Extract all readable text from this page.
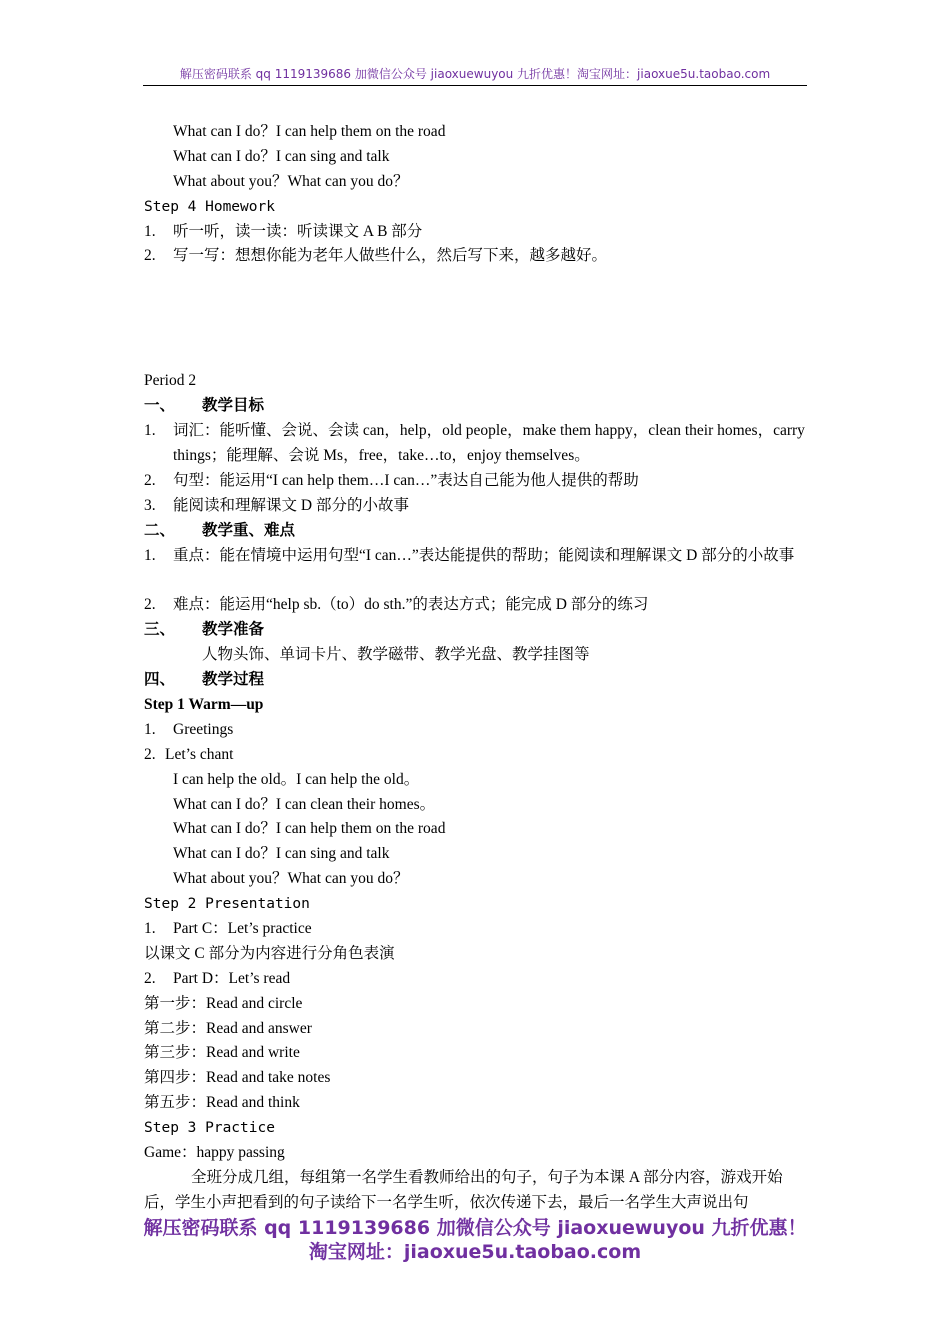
解压密码联系 qq 1119139686 加微信公众号 jiaoxuewuyou 九折优惠！淘宝网址：jiaoxue5u.taobao.com
What can I do？I can help them on the road
What can I do？I can sing and talk
What about you？What can you do？
Step 4 Homework
1. 听一听，读一读：听读课文 A B 部分
2. 写一写：想想你能为老年人做些什么，然后写下来，越多越好。
Period 2
一、 教学目标
1.	词汇：能听懂、会说、会读 can，help，old people，make them happy，clean their homes，carry things；能理解、会说 Ms，free，take…to，enjoy themselves。
2. 句型：能运用“I can help them…I can…”表达自己能为他人提供的帮助
3. 能阅读和理解课文 D 部分的小故事
二、 教学重、难点
1.	重点：能在情境中运用句型“I can…”表达能提供的帮助；能阅读和理解课文 D 部分的小故事
2. 难点：能运用“help sb.（to）do sth.”的表达方式；能完成 D 部分的练习
三、 教学准备
人物头饰、单词卡片、教学磁带、教学光盘、教学挂图等
四、 教学过程
Step 1 Warm—up
1. Greetings
2. Let’s chant
I can help the old。I can help the old。
What can I do？I can clean their homes。
What can I do？I can help them on the road
What can I do？I can sing and talk
What about you？What can you do？
Step 2 Presentation
1. Part C：Let’s practice
以课文 C 部分为内容进行分角色表演
2. Part D：Let’s read
第一步：Read and circle
第二步：Read and answer
第三步：Read and write
第四步：Read and take notes
第五步：Read and think
Step 3 Practice
Game：happy passing
全班分成几组，每组第一名学生看教师给出的句子，句子为本课 A 部分内容，游戏开始后，学生小声把看到的句子读给下一名学生听，依次传递下去，最后一名学生大声说出句
解压密码联系 qq 1119139686 加微信公众号 jiaoxuewuyou 九折优惠！
淘宝网址：jiaoxue5u.taobao.com
